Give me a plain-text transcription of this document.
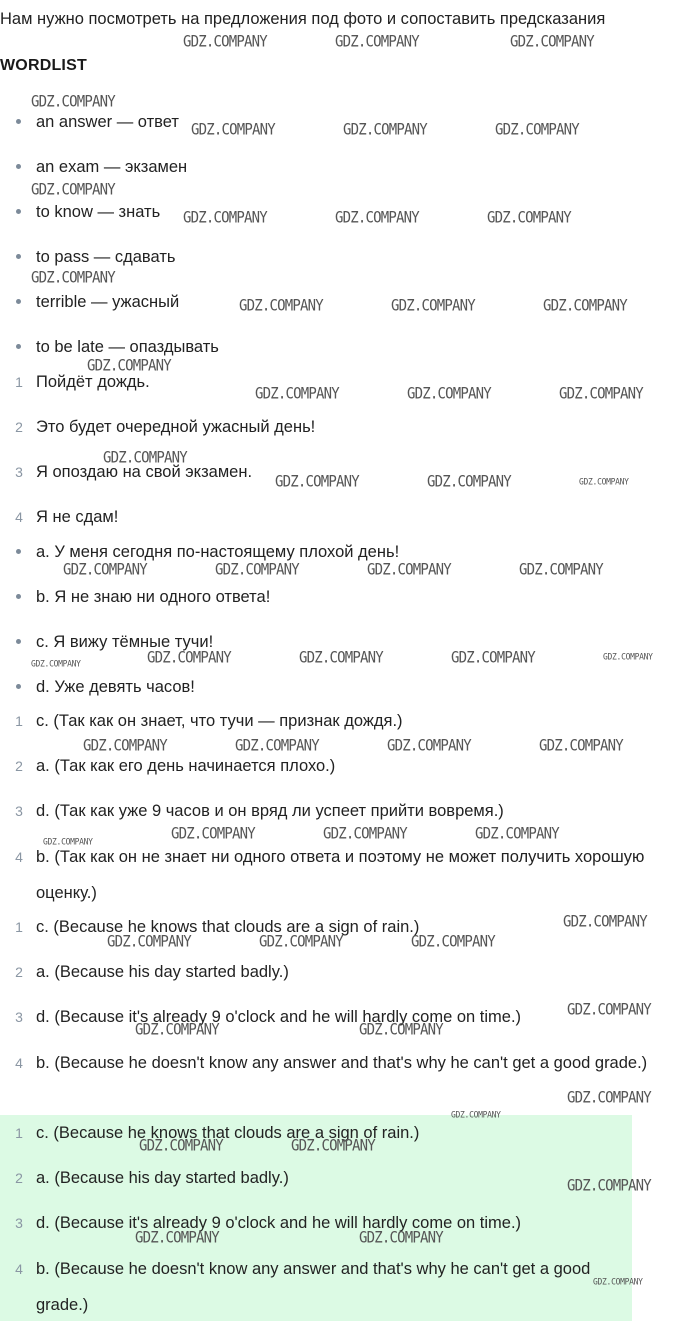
Нам нужно посмотреть на предложения под фото и сопоставить предсказания
WORDLIST
an answer — ответ
an exam — экзамен
to know — знать
to pass — сдавать
terrible — ужасный
to be late — опаздывать
1 Пойдёт дождь.
2 Это будет очередной ужасный день!
3 Я опоздаю на свой экзамен.
4 Я не сдам!
a. У меня сегодня по-настоящему плохой день!
b. Я не знаю ни одного ответа!
c. Я вижу тёмные тучи!
d. Уже девять часов!
1 c. (Так как он знает, что тучи — признак дождя.)
2 a. (Так как его день начинается плохо.)
3 d. (Так как уже 9 часов и он вряд ли успеет прийти вовремя.)
4 b. (Так как он не знает ни одного ответа и поэтому не может получить хорошую оценку.)
1 c. (Because he knows that clouds are a sign of rain.)
2 a. (Because his day started badly.)
3 d. (Because it's already 9 o'clock and he will hardly come on time.)
4 b. (Because he doesn't know any answer and that's why he can't get a good grade.)
1 c. (Because he knows that clouds are a sign of rain.)
2 a. (Because his day started badly.)
3 d. (Because it's already 9 o'clock and he will hardly come on time.)
4 b. (Because he doesn't know any answer and that's why he can't get a good grade.)
GDZ.COMPANY	GDZ.COMPANY	GDZ.COMPANY
GDZ.COMPANY
GDZ.COMPANY	GDZ.COMPANY	GDZ.COMPANY
GDZ.COMPANY
GDZ.COMPANY	GDZ.COMPANY	GDZ.COMPANY
GDZ.COMPANY
GDZ.COMPANY	GDZ.COMPANY	GDZ.COMPANY
GDZ.COMPANY
GDZ.COMPANY	GDZ.COMPANY	GDZ.COMPANY
GDZ.COMPANY
GDZ.COMPANY	GDZ.COMPANY	GDZ.COMPANY
GDZ.COMPANY	GDZ.COMPANY	GDZ.COMPANY	GDZ.COMPANY
GDZ.COMPANY	GDZ.COMPANY	GDZ.COMPANY	GDZ.COMPANY	GDZ.COMPANY
GDZ.COMPANY	GDZ.COMPANY	GDZ.COMPANY	GDZ.COMPANY
GDZ.COMPANY	GDZ.COMPANY	GDZ.COMPANY	GDZ.COMPANY
GDZ.COMPANY
GDZ.COMPANY	GDZ.COMPANY	GDZ.COMPANY
GDZ.COMPANY
GDZ.COMPANY	GDZ.COMPANY
GDZ.COMPANY
GDZ.COMPANY
GDZ.COMPANY	GDZ.COMPANY
GDZ.COMPANY
GDZ.COMPANY	GDZ.COMPANY
GDZ.COMPANY
